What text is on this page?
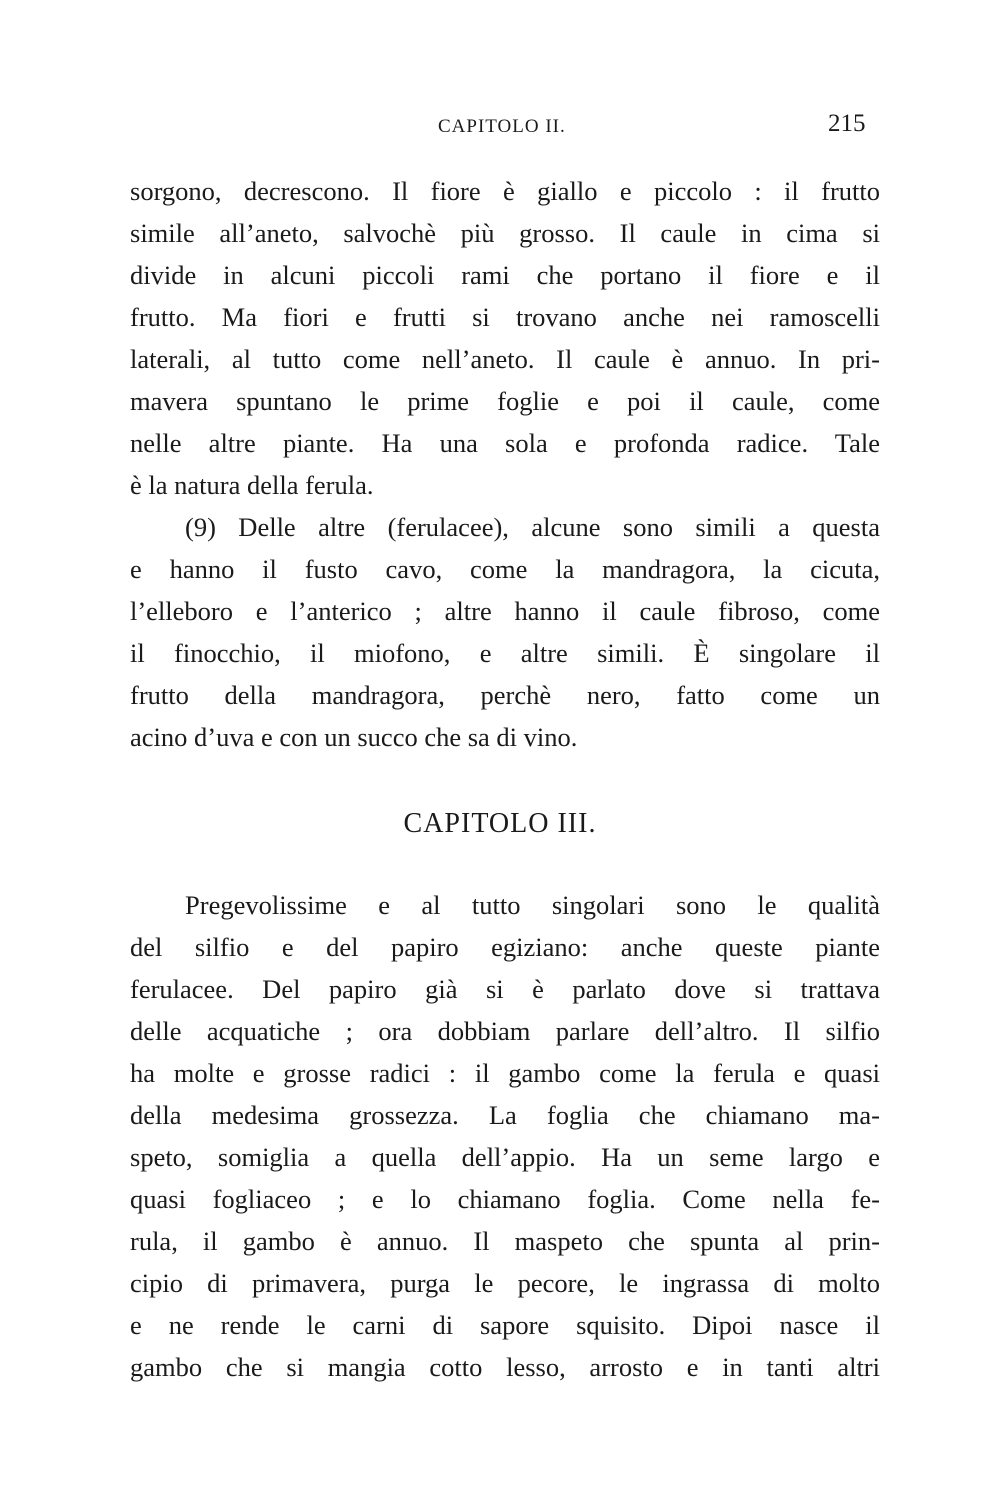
CAPITOLO II.	215
sorgono, decrescono. Il fiore è giallo e piccolo : il frutto
simile all’aneto, salvochè più grosso. Il caule in cima si
divide in alcuni piccoli rami che portano il fiore e il
frutto. Ma fiori e frutti si trovano anche nei ramoscelli
laterali, al tutto come nell’aneto. Il caule è annuo. In pri-
mavera spuntano le prime foglie e poi il caule, come
nelle altre piante. Ha una sola e profonda radice. Tale
è la natura della ferula.
(9) Delle altre (ferulacee), alcune sono simili a questa
e hanno il fusto cavo, come la mandragora, la cicuta,
l’elleboro e l’anterico ; altre hanno il caule fibroso, come
il finocchio, il miofono, e altre simili. È singolare il
frutto della mandragora, perchè nero, fatto come un
acino d’uva e con un succo che sa di vino.
CAPITOLO III.
Pregevolissime e al tutto singolari sono le qualità
del silfio e del papiro egiziano: anche queste piante
ferulacee. Del papiro già si è parlato dove si trattava
delle acquatiche ; ora dobbiam parlare dell’altro. Il silfio
ha molte e grosse radici : il gambo come la ferula e quasi
della medesima grossezza. La foglia che chiamano ma-
speto, somiglia a quella dell’appio. Ha un seme largo e
quasi fogliaceo ; e lo chiamano foglia. Come nella fe-
rula, il gambo è annuo. Il maspeto che spunta al prin-
cipio di primavera, purga le pecore, le ingrassa di molto
e ne rende le carni di sapore squisito. Dipoi nasce il
gambo che si mangia cotto lesso, arrosto e in tanti altri
